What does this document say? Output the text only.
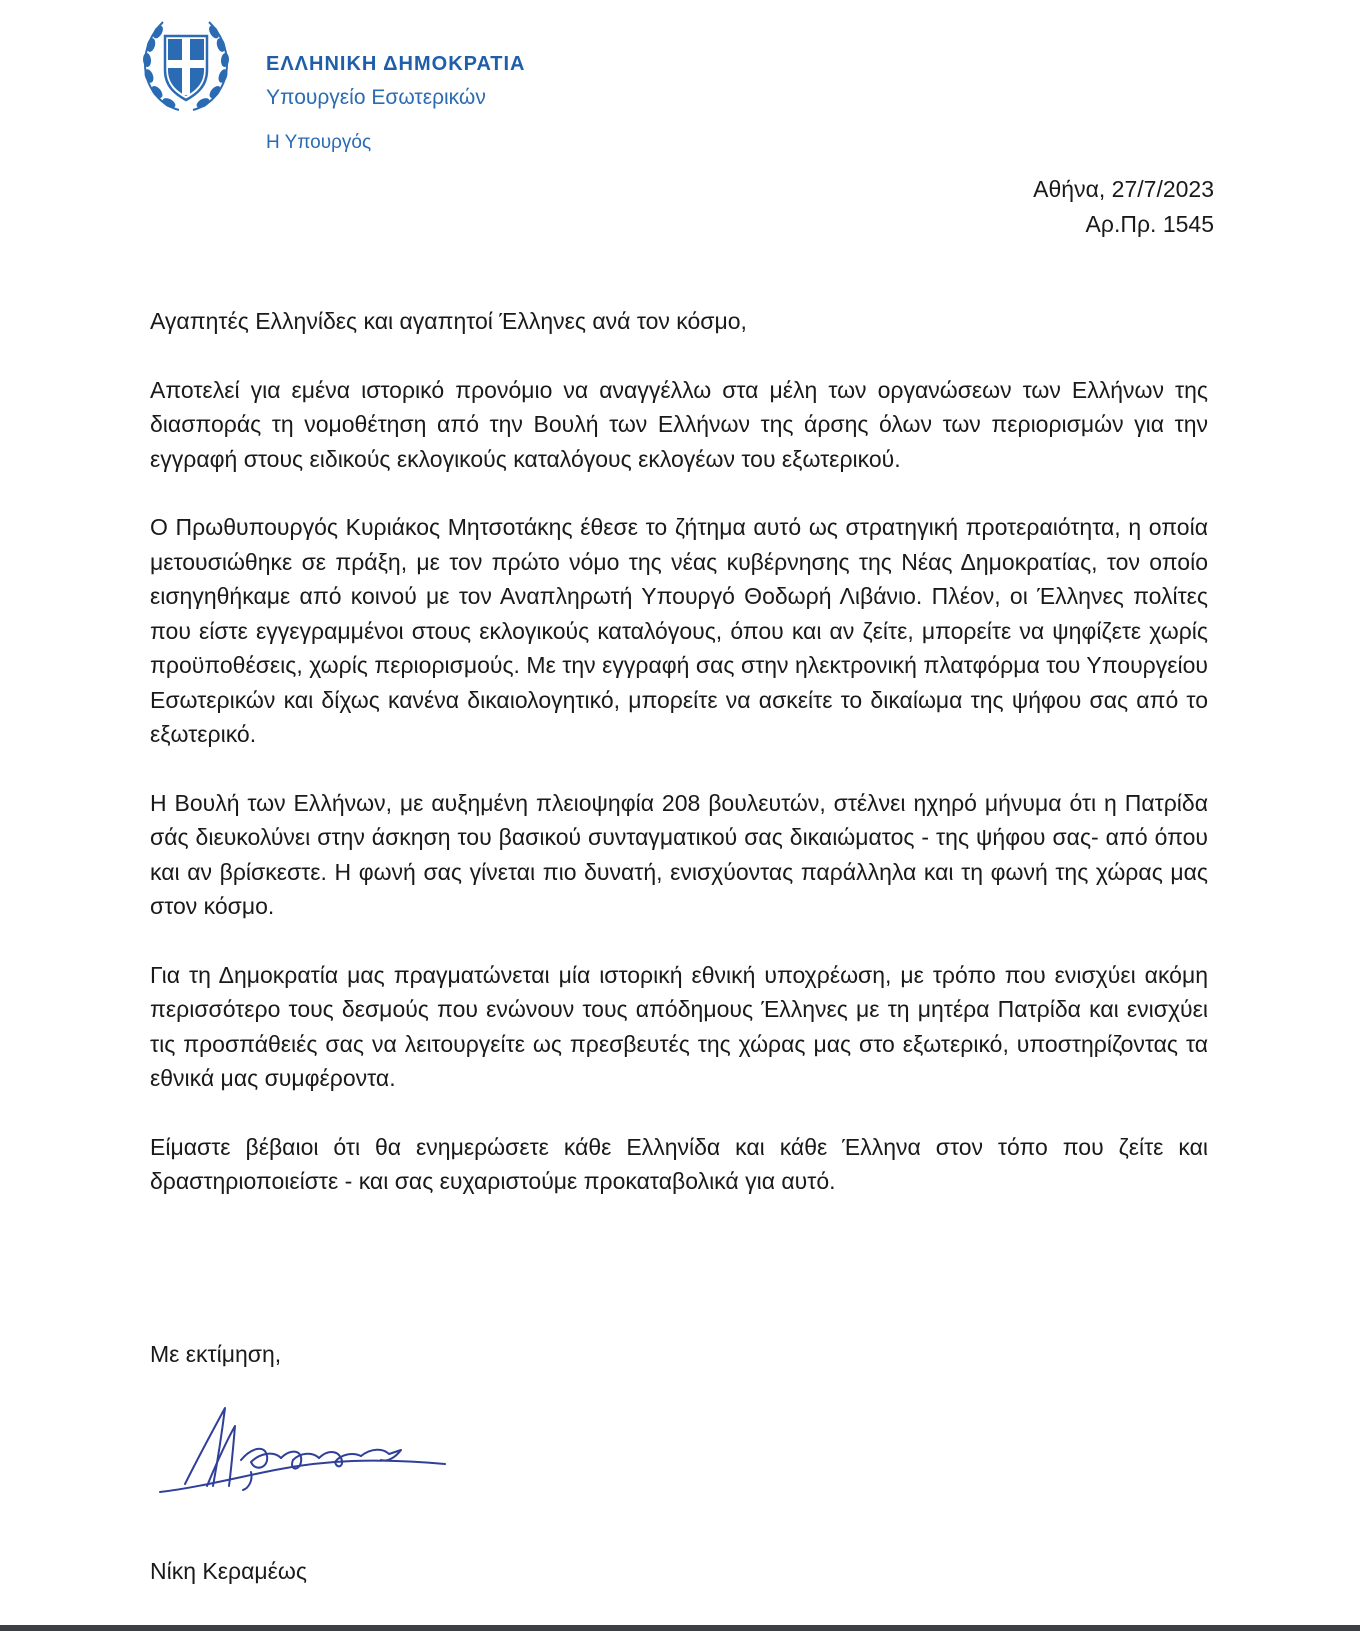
ΕΛΛΗΝΙΚΗ ΔΗΜΟΚΡΑΤΙΑ
Υπουργείο Εσωτερικών
Η Υπουργός
Αθήνα, 27/7/2023
Αρ.Πρ. 1545

Αγαπητές Ελληνίδες και αγαπητοί Έλληνες ανά τον κόσμο,

Αποτελεί για εμένα ιστορικό προνόμιο να αναγγέλλω στα μέλη των οργανώσεων των Ελλήνων της διασποράς τη νομοθέτηση από την Βουλή των Ελλήνων της άρσης όλων των περιορισμών για την εγγραφή στους ειδικούς εκλογικούς καταλόγους εκλογέων του εξωτερικού.

Ο Πρωθυπουργός Κυριάκος Μητσοτάκης έθεσε το ζήτημα αυτό ως στρατηγική προτεραιότητα, η οποία μετουσιώθηκε σε πράξη, με τον πρώτο νόμο της νέας κυβέρνησης της Νέας Δημοκρατίας, τον οποίο εισηγηθήκαμε από κοινού με τον Αναπληρωτή Υπουργό Θοδωρή Λιβάνιο. Πλέον, οι Έλληνες πολίτες που είστε εγγεγραμμένοι στους εκλογικούς καταλόγους, όπου και αν ζείτε, μπορείτε να ψηφίζετε χωρίς προϋποθέσεις, χωρίς περιορισμούς. Με την εγγραφή σας στην ηλεκτρονική πλατφόρμα του Υπουργείου Εσωτερικών και δίχως κανένα δικαιολογητικό, μπορείτε να ασκείτε το δικαίωμα της ψήφου σας από το εξωτερικό.

Η Βουλή των Ελλήνων, με αυξημένη πλειοψηφία 208 βουλευτών, στέλνει ηχηρό μήνυμα ότι η Πατρίδα σάς διευκολύνει στην άσκηση του βασικού συνταγματικού σας δικαιώματος - της ψήφου σας- από όπου και αν βρίσκεστε. Η φωνή σας γίνεται πιο δυνατή, ενισχύοντας παράλληλα και τη φωνή της χώρας μας στον κόσμο.

Για τη Δημοκρατία μας πραγματώνεται μία ιστορική εθνική υποχρέωση, με τρόπο που ενισχύει ακόμη περισσότερο τους δεσμούς που ενώνουν τους απόδημους Έλληνες με τη μητέρα Πατρίδα και ενισχύει τις προσπάθειές σας να λειτουργείτε ως πρεσβευτές της χώρας μας στο εξωτερικό, υποστηρίζοντας τα εθνικά μας συμφέροντα.

Είμαστε βέβαιοι ότι θα ενημερώσετε κάθε Ελληνίδα και κάθε Έλληνα στον τόπο που ζείτε και δραστηριοποιείστε - και σας ευχαριστούμε προκαταβολικά για αυτό.

Με εκτίμηση,
Νίκη Κεραμέως
